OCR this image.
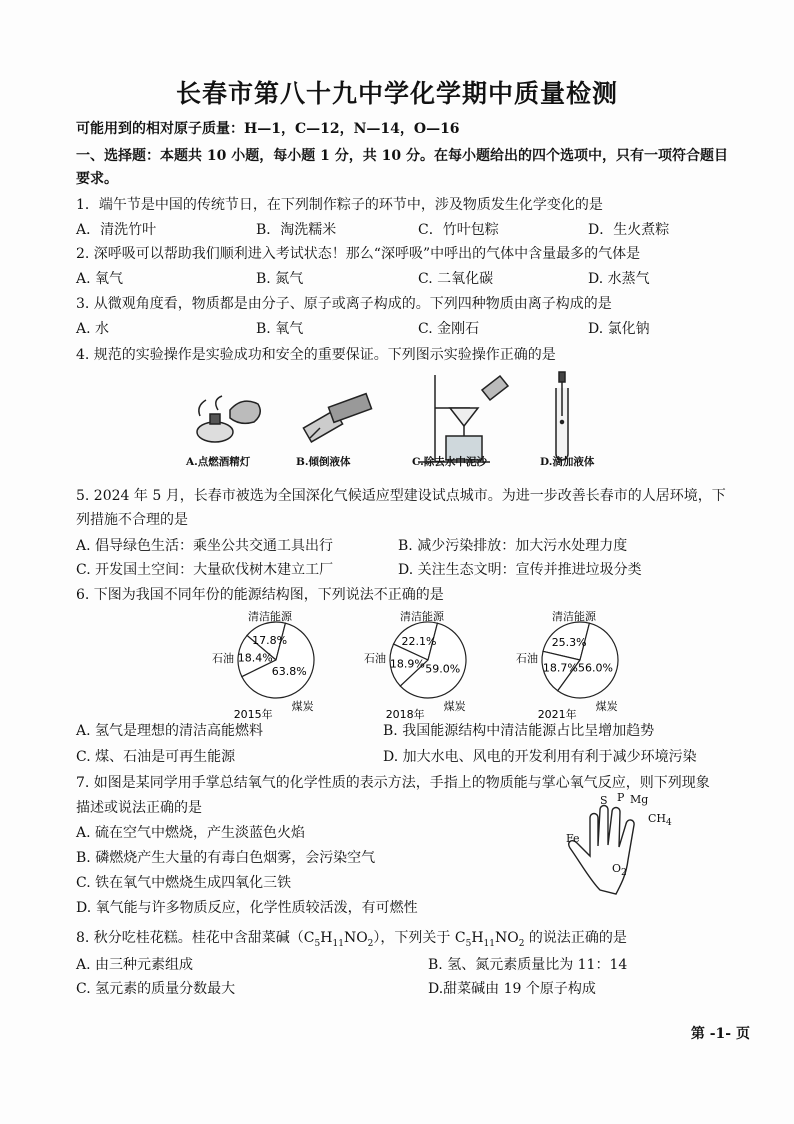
长春市第八十九中学化学期中质量检测
可能用到的相对原子质量：H—1，C—12，N—14，O—16
一、选择题：本题共 10 小题，每小题 1 分，共 10 分。在每小题给出的四个选项中，只有一项符合题目
要求。
1．端午节是中国的传统节日，在下列制作粽子的环节中，涉及物质发生化学变化的是
A．清洗竹叶	B．淘洗糯米	C．竹叶包粽	D．生火煮粽
2. 深呼吸可以帮助我们顺利进入考试状态！那么“深呼吸”中呼出的气体中含量最多的气体是
A. 氧气	B. 氮气	C. 二氧化碳	D. 水蒸气
3. 从微观角度看，物质都是由分子、原子或离子构成的。下列四种物质由离子构成的是
A. 水	B. 氧气	C. 金刚石	D. 氯化钠
4. 规范的实验操作是实验成功和安全的重要保证。下列图示实验操作正确的是
A.点燃酒精灯	B.倾倒液体	C.除去水中泥沙	D.滴加液体
5. 2024 年 5 月，长春市被选为全国深化气候适应型建设试点城市。为进一步改善长春市的人居环境，下
列措施不合理的是
A. 倡导绿色生活：乘坐公共交通工具出行	B. 减少污染排放：加大污水处理力度
C. 开发国土空间：大量砍伐树木建立工厂	D. 关注生态文明：宣传并推进垃圾分类
6. 下图为我国不同年份的能源结构图，下列说法不正确的是
17.8%
18.4%
63.8%
清洁能源
石油
煤炭
2015年
22.1%
18.9% 59.0%
清洁能源
石油
煤炭
2018年
25.3%
18.7% 56.0%
清洁能源
石油
煤炭
2021年
A. 氢气是理想的清洁高能燃料	B. 我国能源结构中清洁能源占比呈增加趋势
C. 煤、石油是可再生能源	D. 加大水电、风电的开发利用有利于减少环境污染
7. 如图是某同学用手掌总结氧气的化学性质的表示方法，手指上的物质能与掌心氧气反应，则下列现象
描述或说法正确的是
A. 硫在空气中燃烧，产生淡蓝色火焰
B. 磷燃烧产生大量的有毒白色烟雾，会污染空气
C. 铁在氧气中燃烧生成四氧化三铁
D. 氧气能与许多物质反应，化学性质较活泼，有可燃性
S P Mg
$CH_4$
Fe
$O_2$
8. 秋分吃桂花糕。桂花中含甜菜碱$(C_5H_{11}NO_2)$，下列关于 $C_5H_{11}NO_2$ 的说法正确的是
A. 由三种元素组成	B. 氢、氮元素质量比为 11：14
C. 氢元素的质量分数最大	D.甜菜碱由 19 个原子构成
第 -1- 页
